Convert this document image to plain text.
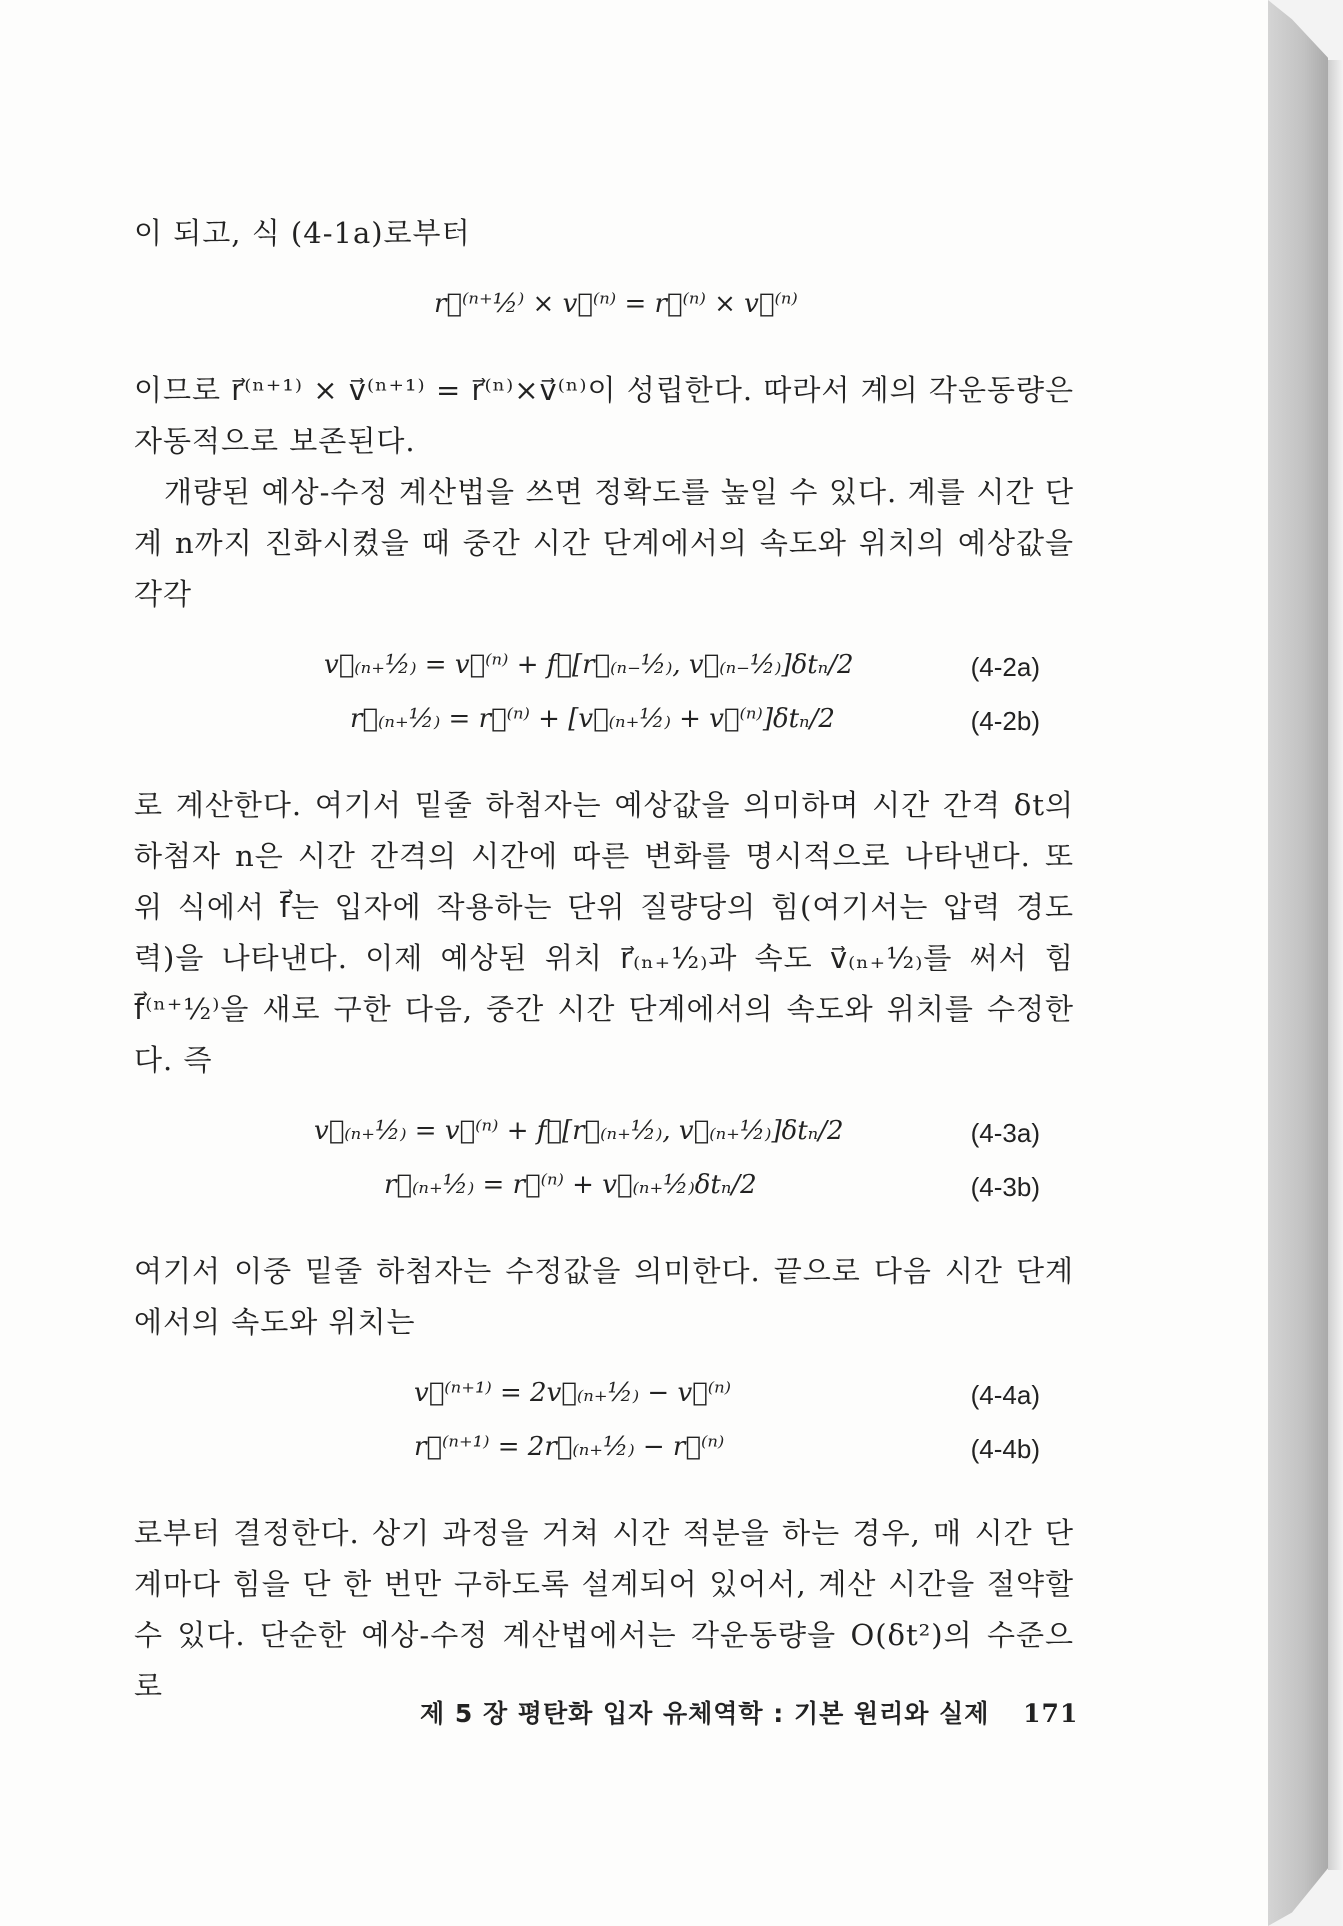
이 되고, 식 (4-1a)로부터

r⃗⁽ⁿ⁺½⁾ × v⃗⁽ⁿ⁾ = r⃗⁽ⁿ⁾ × v⃗⁽ⁿ⁾

이므로 r⃗⁽ⁿ⁺¹⁾ × v⃗⁽ⁿ⁺¹⁾ = r⃗⁽ⁿ⁾×v⃗⁽ⁿ⁾이 성립한다. 따라서 계의 각운동량은 자동적으로 보존된다.

개량된 예상-수정 계산법을 쓰면 정확도를 높일 수 있다. 계를 시간 단계 n까지 진화시켰을 때 중간 시간 단계에서의 속도와 위치의 예상값을 각각

v⃗₍ₙ₊½₎ = v⃗⁽ⁿ⁾ + f⃗[r⃗₍ₙ₋½₎, v⃗₍ₙ₋½₎]δtₙ/2	(4-2a)
r⃗₍ₙ₊½₎ = r⃗⁽ⁿ⁾ + [v⃗₍ₙ₊½₎ + v⃗⁽ⁿ⁾]δtₙ/2	(4-2b)

로 계산한다. 여기서 밑줄 하첨자는 예상값을 의미하며 시간 간격 δt의 하첨자 n은 시간 간격의 시간에 따른 변화를 명시적으로 나타낸다. 또 위 식에서 f⃗는 입자에 작용하는 단위 질량당의 힘(여기서는 압력 경도력)을 나타낸다. 이제 예상된 위치 r⃗₍ₙ₊½₎과 속도 v⃗₍ₙ₊½₎를 써서 힘 f⃗⁽ⁿ⁺½⁾을 새로 구한 다음, 중간 시간 단계에서의 속도와 위치를 수정한다. 즉

v⃗₍ₙ₊½₎ = v⃗⁽ⁿ⁾ + f⃗[r⃗₍ₙ₊½₎, v⃗₍ₙ₊½₎]δtₙ/2	(4-3a)
r⃗₍ₙ₊½₎ = r⃗⁽ⁿ⁾ + v⃗₍ₙ₊½₎δtₙ/2	(4-3b)

여기서 이중 밑줄 하첨자는 수정값을 의미한다. 끝으로 다음 시간 단계에서의 속도와 위치는

v⃗⁽ⁿ⁺¹⁾ = 2v⃗₍ₙ₊½₎ − v⃗⁽ⁿ⁾	(4-4a)
r⃗⁽ⁿ⁺¹⁾ = 2r⃗₍ₙ₊½₎ − r⃗⁽ⁿ⁾	(4-4b)

로부터 결정한다. 상기 과정을 거쳐 시간 적분을 하는 경우, 매 시간 단계마다 힘을 단 한 번만 구하도록 설계되어 있어서, 계산 시간을 절약할 수 있다. 단순한 예상-수정 계산법에서는 각운동량을 O(δt²)의 수준으로

제 5 장 평탄화 입자 유체역학 : 기본 원리와 실제 171
